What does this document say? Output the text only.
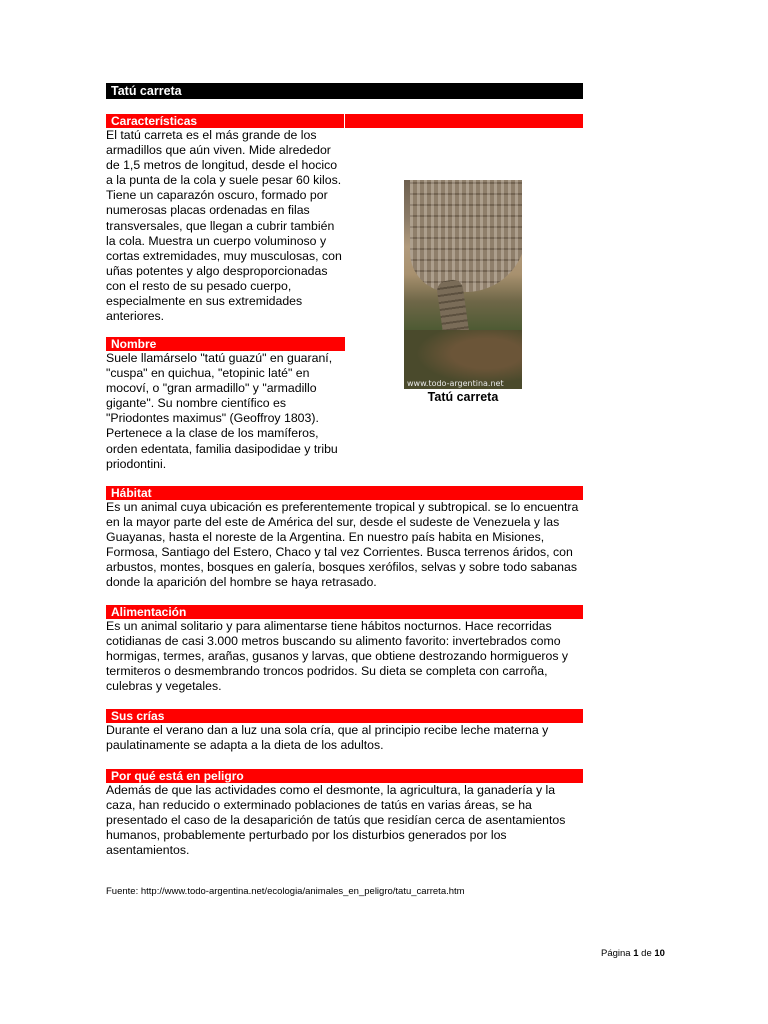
Tatú carreta
Características

El tatú carreta es el más grande de los armadillos que aún viven. Mide alrededor de 1,5 metros de longitud, desde el hocico a la punta de la cola y suele pesar 60 kilos. Tiene un caparazón oscuro, formado por numerosas placas ordenadas en filas transversales, que llegan a cubrir también la cola. Muestra un cuerpo voluminoso y cortas extremidades, muy musculosas, con uñas potentes y algo desproporcionadas con el resto de su pesado cuerpo, especialmente en sus extremidades anteriores.

Nombre

Suele llamárselo "tatú guazú" en guaraní, "cuspa" en quichua, "etopinic laté" en mocoví, o "gran armadillo" y "armadillo gigante". Su nombre científico es "Priodontes maximus" (Geoffroy 1803). Pertenece a la clase de los mamíferos, orden edentata, familia dasipodidae y tribu priodontini.

www.todo-argentina.net
Tatú carreta
Hábitat

Es un animal cuya ubicación es preferentemente tropical y subtropical. se lo encuentra en la mayor parte del este de América del sur, desde el sudeste de Venezuela y las Guayanas, hasta el noreste de la Argentina. En nuestro país habita en Misiones, Formosa, Santiago del Estero, Chaco y tal vez Corrientes. Busca terrenos áridos, con arbustos, montes, bosques en galería, bosques xerófilos, selvas y sobre todo sabanas donde la aparición del hombre se haya retrasado.

Alimentación

Es un animal solitario y para alimentarse tiene hábitos nocturnos. Hace recorridas cotidianas de casi 3.000 metros buscando su alimento favorito: invertebrados como hormigas, termes, arañas, gusanos y larvas, que obtiene destrozando hormigueros y termiteros o desmembrando troncos podridos. Su dieta se completa con carroña, culebras y vegetales.

Sus crías

Durante el verano dan a luz una sola cría, que al principio recibe leche materna y paulatinamente se adapta a la dieta de los adultos.

Por qué está en peligro

Además de que las actividades como el desmonte, la agricultura, la ganadería y la caza, han reducido o exterminado poblaciones de tatús en varias áreas, se ha presentado el caso de la desaparición de tatús que residían cerca de asentamientos humanos, probablemente perturbado por los disturbios generados por los asentamientos.

Fuente: http://www.todo-argentina.net/ecologia/animales_en_peligro/tatu_carreta.htm
Página 1 de 10
